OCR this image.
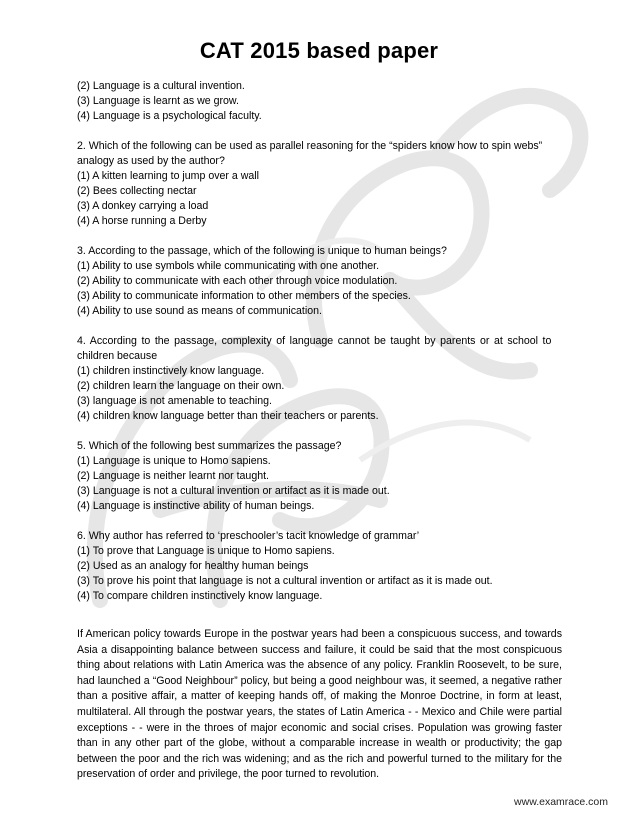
CAT 2015 based paper
(2) Language is a cultural invention.
(3) Language is learnt as we grow.
(4) Language is a psychological faculty.
2. Which of the following can be used as parallel reasoning for the “spiders know how to spin webs”
analogy as used by the author?
(1) A kitten learning to jump over a wall
(2) Bees collecting nectar
(3) A donkey carrying a load
(4) A horse running a Derby
3. According to the passage, which of the following is unique to human beings?
(1) Ability to use symbols while communicating with one another.
(2) Ability to communicate with each other through voice modulation.
(3) Ability to communicate information to other members of the species.
(4) Ability to use sound as means of communication.
4. According to the passage, complexity of language cannot be taught by parents or at school to
children because
(1) children instinctively know language.
(2) children learn the language on their own.
(3) language is not amenable to teaching.
(4) children know language better than their teachers or parents.
5. Which of the following best summarizes the passage?
(1) Language is unique to Homo sapiens.
(2) Language is neither learnt nor taught.
(3) Language is not a cultural invention or artifact as it is made out.
(4) Language is instinctive ability of human beings.
6. Why author has referred to ‘preschooler’s tacit knowledge of grammar’
(1) To prove that Language is unique to Homo sapiens.
(2) Used as an analogy for healthy human beings
(3) To prove his point that language is not a cultural invention or artifact as it is made out.
(4) To compare children instinctively know language.
If American policy towards Europe in the postwar years had been a conspicuous success, and towards Asia a disappointing balance between success and failure, it could be said that the most conspicuous thing about relations with Latin America was the absence of any policy. Franklin Roosevelt, to be sure, had launched a “Good Neighbour” policy, but being a good neighbour was, it seemed, a negative rather than a positive affair, a matter of keeping hands off, of making the Monroe Doctrine, in form at least, multilateral. All through the postwar years, the states of Latin America - - Mexico and Chile were partial exceptions - - were in the throes of major economic and social crises. Population was growing faster than in any other part of the globe, without a comparable increase in wealth or productivity; the gap between the poor and the rich was widening; and as the rich and powerful turned to the military for the preservation of order and privilege, the poor turned to revolution.
www.examrace.com
